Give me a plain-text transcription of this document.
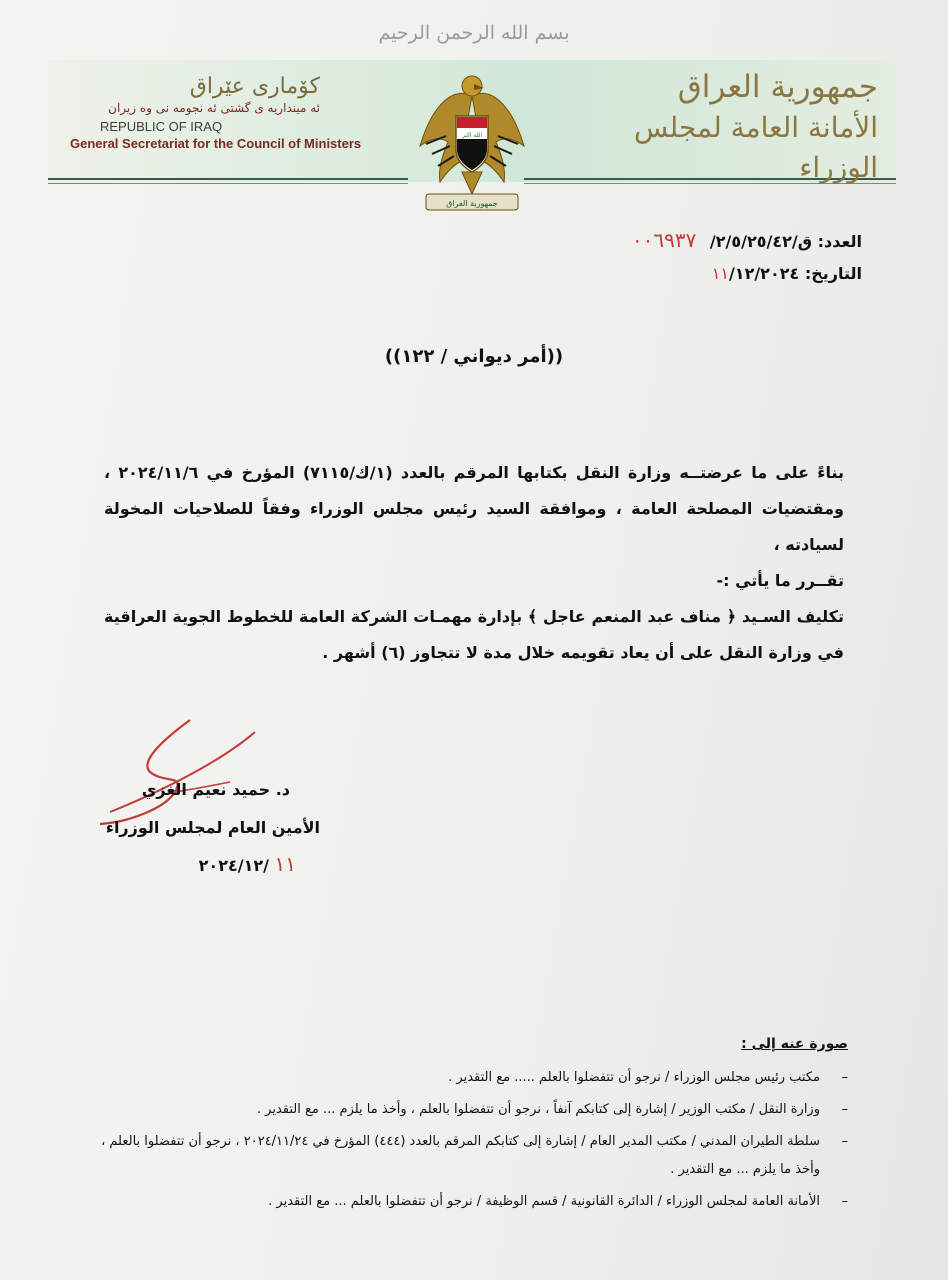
بسم الله الرحمن الرحيم
كۆماری عێراق
ئه‌ مینداریه‌ ی گشتی ئه‌ نجومه‌ نی وه‌ زیران
REPUBLIC OF IRAQ
General Secretariat for the Council of Ministers
جمهورية العراق
الأمانة العامة لمجلس الوزراء
الله اكبر
جمهورية العراق
العدد: ق/٢/٥/٢٥/٤٢/ ٠٠٦٩٣٧
التاريخ: ١١/١٢/٢٠٢٤
((أمر ديواني / ١٢٢))

بناءً على ما عرضتــه وزارة النقل بكتابها المرقم بالعدد (١/ك/٧١١٥) المؤرخ في ٢٠٢٤/١١/٦ ، ومقتضيات المصلحة العامة ، وموافقة السيد رئيس مجلس الوزراء وفقاً للصلاحيات المخولة لسيادته ،

تقــرر ما يأتي :-

تكليف السـيد ﴿ مناف عبد المنعم عاجل ﴾ بإدارة مهمـات الشركة العامة للخطوط الجوية العراقية في وزارة النقل على أن يعاد تقويمه خلال مدة لا تتجاوز (٦) أشهر .

د. حميد نعيم الغزي
الأمين العام لمجلس الوزراء
١١ /٢٠٢٤/١٢
صورة عنه إلى :
–
مكتب رئيس مجلس الوزراء / نرجو أن تتفضلوا بالعلم ..... مع التقدير .
–
وزارة النقل / مكتب الوزير / إشارة إلى كتابكم آنفاً ، نرجو أن تتفضلوا بالعلم ، وأخذ ما يلزم ... مع التقدير .
–
سلطة الطيران المدني / مكتب المدير العام / إشارة إلى كتابكم المرقم بالعدد (٤٤٤) المؤرخ في ٢٠٢٤/١١/٢٤ ، نرجو أن تتفضلوا بالعلم ، وأخذ ما يلزم ... مع التقدير .
–
الأمانة العامة لمجلس الوزراء / الدائرة القانونية / قسم الوظيفة / نرجو أن تتفضلوا بالعلم ... مع التقدير .
